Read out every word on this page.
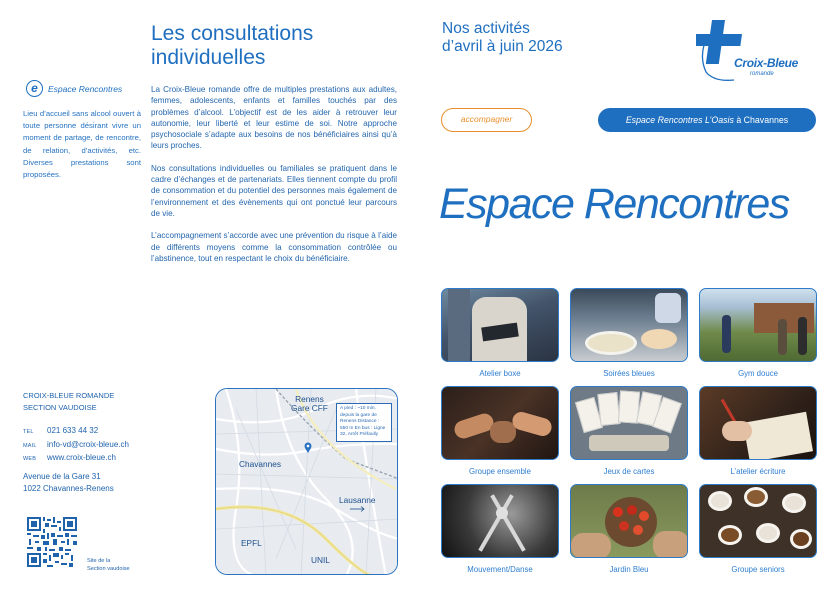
e	Espace Rencontres
Lieu d’accueil sans alcool ouvert à toute personne désirant vivre un moment de partage, de rencontre, de relation, d’activités, etc. Diverses prestations sont proposées.
CROIX-BLEUE ROMANDE
SECTION VAUDOISE
TEL 021 633 44 32
MAIL info-vd@croix-bleue.ch
WEB www.croix-bleue.ch
Avenue de la Gare 31
1022 Chavannes-Renens
Site de la
Section vaudoise
Les consultations
individuelles

La Croix-Bleue romande offre de multiples prestations aux adultes, femmes, adolescents, enfants et familles touchés par des problèmes d’alcool. L’objectif est de les aider à retrouver leur autonomie, leur liberté et leur estime de soi. Notre approche psychosociale s’adapte aux besoins de nos bénéficiaires ainsi qu’à leurs proches.

Nos consultations individuelles ou familiales se pratiquent dans le cadre d’échanges et de partenariats. Elles tiennent compte du profil de consommation et du potentiel des personnes mais également de l’environnement et des évènements qui ont ponctué leur parcours de vie.

L’accompagnement s’accorde avec une prévention du risque à l’aide de différents moyens comme la consommation contrôlée ou l’abstinence, tout en respectant le choix du bénéficiaire.

Renens
Gare CFF
Chavannes
Lausanne
EPFL
UNIL
A pied : ~10 min. depuis la gare de Renens Distance : 550 m En bus : Ligne 32, Arrêt Préfaully
Nos activités
d’avril à juin 2026
Croix-Bleue
romande
accompagner	Espace Rencontres L’Oasis à Chavannes
Espace Rencontres
Atelier boxe	Soirées bleues	Gym douce
Groupe ensemble	Jeux de cartes	L’atelier écriture
Mouvement/Danse	Jardin Bleu	Groupe seniors
